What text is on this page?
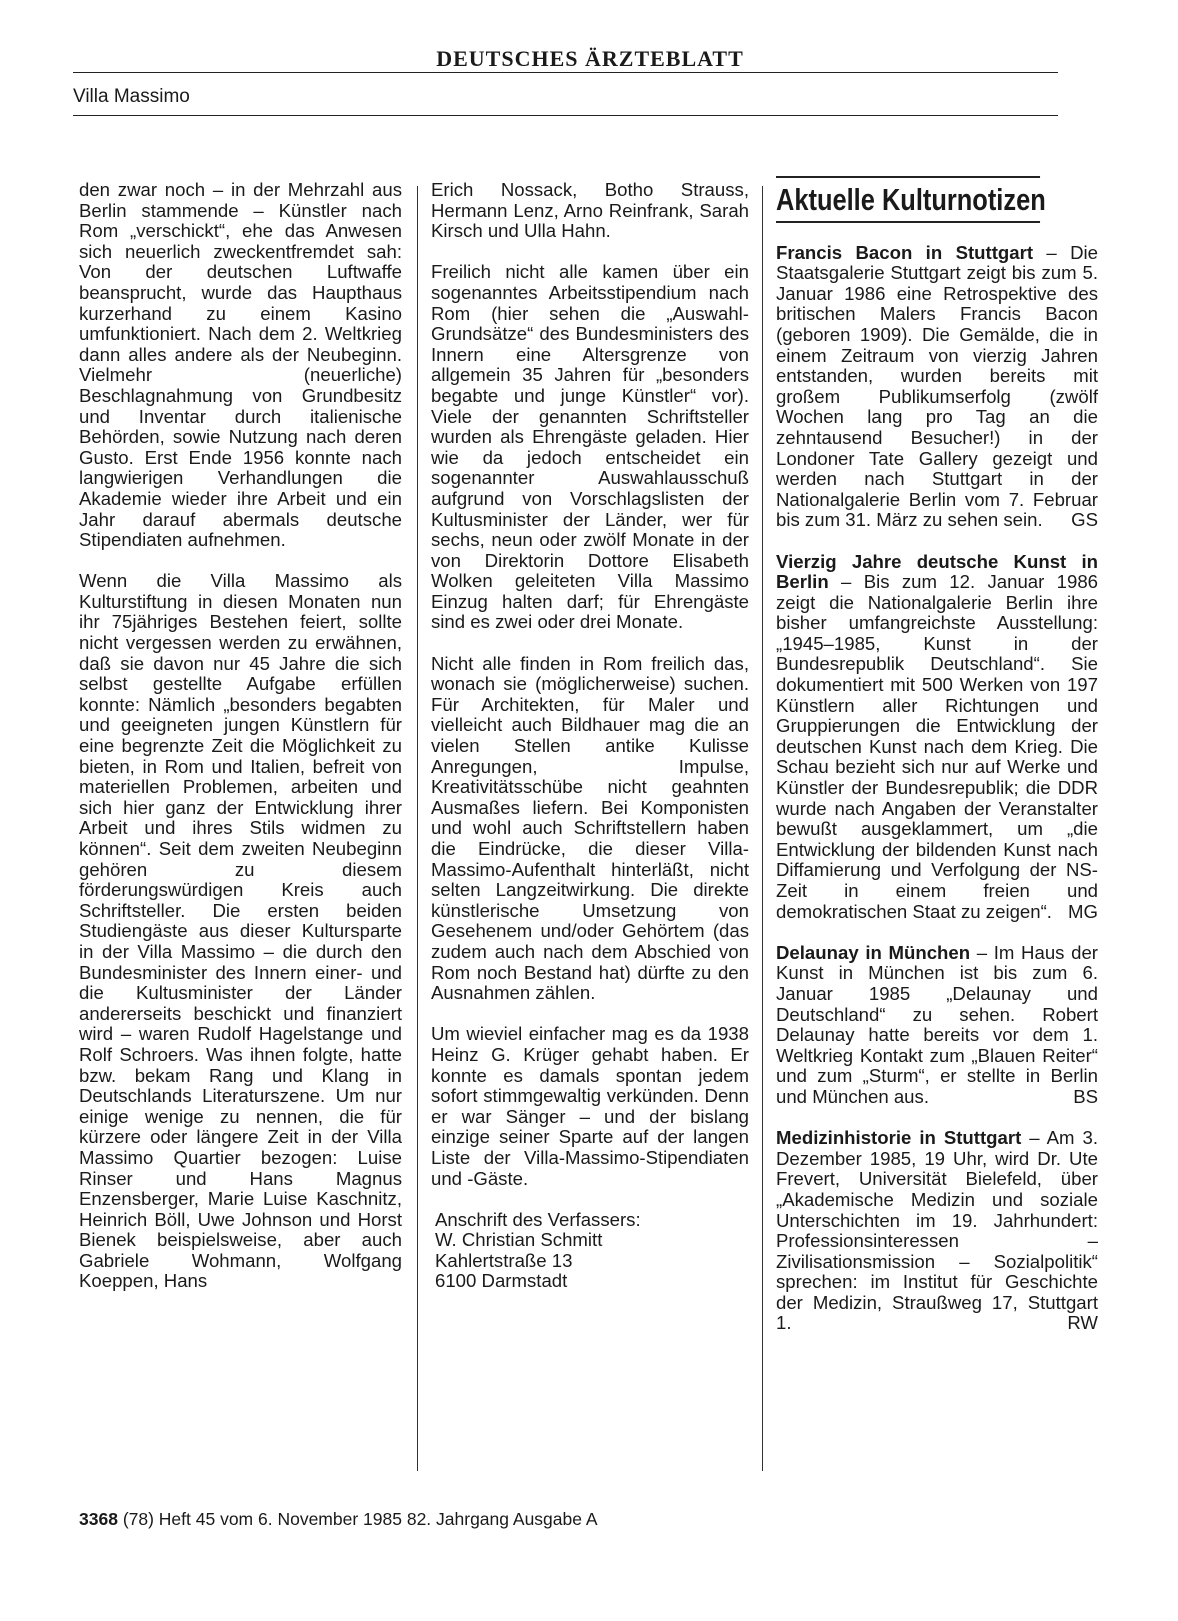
DEUTSCHES ÄRZTEBLATT
Villa Massimo

den zwar noch – in der Mehrzahl aus Berlin stammende – Künstler nach Rom „verschickt“, ehe das Anwesen sich neuerlich zweckentfremdet sah: Von der deutschen Luftwaffe beansprucht, wurde das Haupthaus kurzerhand zu einem Kasino umfunktioniert. Nach dem 2. Weltkrieg dann alles andere als der Neubeginn. Vielmehr (neuerliche) Beschlagnahmung von Grundbesitz und Inventar durch italienische Behörden, sowie Nutzung nach deren Gusto. Erst Ende 1956 konnte nach langwierigen Verhandlungen die Akademie wieder ihre Arbeit und ein Jahr darauf abermals deutsche Stipendiaten aufnehmen.

Wenn die Villa Massimo als Kulturstiftung in diesen Monaten nun ihr 75jähriges Bestehen feiert, sollte nicht vergessen werden zu erwähnen, daß sie davon nur 45 Jahre die sich selbst gestellte Aufgabe erfüllen konnte: Nämlich „besonders begabten und geeigneten jungen Künstlern für eine begrenzte Zeit die Möglichkeit zu bieten, in Rom und Italien, befreit von materiellen Problemen, arbeiten und sich hier ganz der Entwicklung ihrer Arbeit und ihres Stils widmen zu können“. Seit dem zweiten Neubeginn gehören zu diesem förderungswürdigen Kreis auch Schriftsteller. Die ersten beiden Studiengäste aus dieser Kultursparte in der Villa Massimo – die durch den Bundesminister des Innern einer- und die Kultusminister der Länder andererseits beschickt und finanziert wird – waren Rudolf Hagelstange und Rolf Schroers. Was ihnen folgte, hatte bzw. bekam Rang und Klang in Deutschlands Literaturszene. Um nur einige wenige zu nennen, die für kürzere oder längere Zeit in der Villa Massimo Quartier bezogen: Luise Rinser und Hans Magnus Enzensberger, Marie Luise Kaschnitz, Heinrich Böll, Uwe Johnson und Horst Bienek beispielsweise, aber auch Gabriele Wohmann, Wolfgang Koeppen, Hans

Erich Nossack, Botho Strauss, Hermann Lenz, Arno Reinfrank, Sarah Kirsch und Ulla Hahn.

Freilich nicht alle kamen über ein sogenanntes Arbeitsstipendium nach Rom (hier sehen die „Auswahl-Grundsätze“ des Bundesministers des Innern eine Altersgrenze von allgemein 35 Jahren für „besonders begabte und junge Künstler“ vor). Viele der genannten Schriftsteller wurden als Ehrengäste geladen. Hier wie da jedoch entscheidet ein sogenannter Auswahlausschuß aufgrund von Vorschlagslisten der Kultusminister der Länder, wer für sechs, neun oder zwölf Monate in der von Direktorin Dottore Elisabeth Wolken geleiteten Villa Massimo Einzug halten darf; für Ehrengäste sind es zwei oder drei Monate.

Nicht alle finden in Rom freilich das, wonach sie (möglicherweise) suchen. Für Architekten, für Maler und vielleicht auch Bildhauer mag die an vielen Stellen antike Kulisse Anregungen, Impulse, Kreativitätsschübe nicht geahnten Ausmaßes liefern. Bei Komponisten und wohl auch Schriftstellern haben die Eindrücke, die dieser Villa-Massimo-Aufenthalt hinterläßt, nicht selten Langzeitwirkung. Die direkte künstlerische Umsetzung von Gesehenem und/oder Gehörtem (das zudem auch nach dem Abschied von Rom noch Bestand hat) dürfte zu den Ausnahmen zählen.

Um wieviel einfacher mag es da 1938 Heinz G. Krüger gehabt haben. Er konnte es damals spontan jedem sofort stimmgewaltig verkünden. Denn er war Sänger – und der bislang einzige seiner Sparte auf der langen Liste der Villa-Massimo-Stipendiaten und -Gäste.

Anschrift des Verfassers:
W. Christian Schmitt
Kahlertstraße 13
6100 Darmstadt
Aktuelle Kulturnotizen

Francis Bacon in Stuttgart – Die Staatsgalerie Stuttgart zeigt bis zum 5. Januar 1986 eine Retrospektive des britischen Malers Francis Bacon (geboren 1909). Die Gemälde, die in einem Zeitraum von vierzig Jahren entstanden, wurden bereits mit großem Publikumserfolg (zwölf Wochen lang pro Tag an die zehntausend Besucher!) in der Londoner Tate Gallery gezeigt und werden nach Stuttgart in der Nationalgalerie Berlin vom 7. Februar bis zum 31. März zu sehen sein. GS

Vierzig Jahre deutsche Kunst in Berlin – Bis zum 12. Januar 1986 zeigt die Nationalgalerie Berlin ihre bisher umfangreichste Ausstellung: „1945–1985, Kunst in der Bundesrepublik Deutschland“. Sie dokumentiert mit 500 Werken von 197 Künstlern aller Richtungen und Gruppierungen die Entwicklung der deutschen Kunst nach dem Krieg. Die Schau bezieht sich nur auf Werke und Künstler der Bundesrepublik; die DDR wurde nach Angaben der Veranstalter bewußt ausgeklammert, um „die Entwicklung der bildenden Kunst nach Diffamierung und Verfolgung der NS-Zeit in einem freien und demokratischen Staat zu zeigen“. MG

Delaunay in München – Im Haus der Kunst in München ist bis zum 6. Januar 1985 „Delaunay und Deutschland“ zu sehen. Robert Delaunay hatte bereits vor dem 1. Weltkrieg Kontakt zum „Blauen Reiter“ und zum „Sturm“, er stellte in Berlin und München aus.	BS

Medizinhistorie in Stuttgart – Am 3. Dezember 1985, 19 Uhr, wird Dr. Ute Frevert, Universität Bielefeld, über „Akademische Medizin und soziale Unterschichten im 19. Jahrhundert: Professionsinteressen – Zivilisationsmission – Sozialpolitik“ sprechen: im Institut für Geschichte der Medizin, Straußweg 17, Stuttgart 1.	RW

3368 (78) Heft 45 vom 6. November 1985 82. Jahrgang Ausgabe A
